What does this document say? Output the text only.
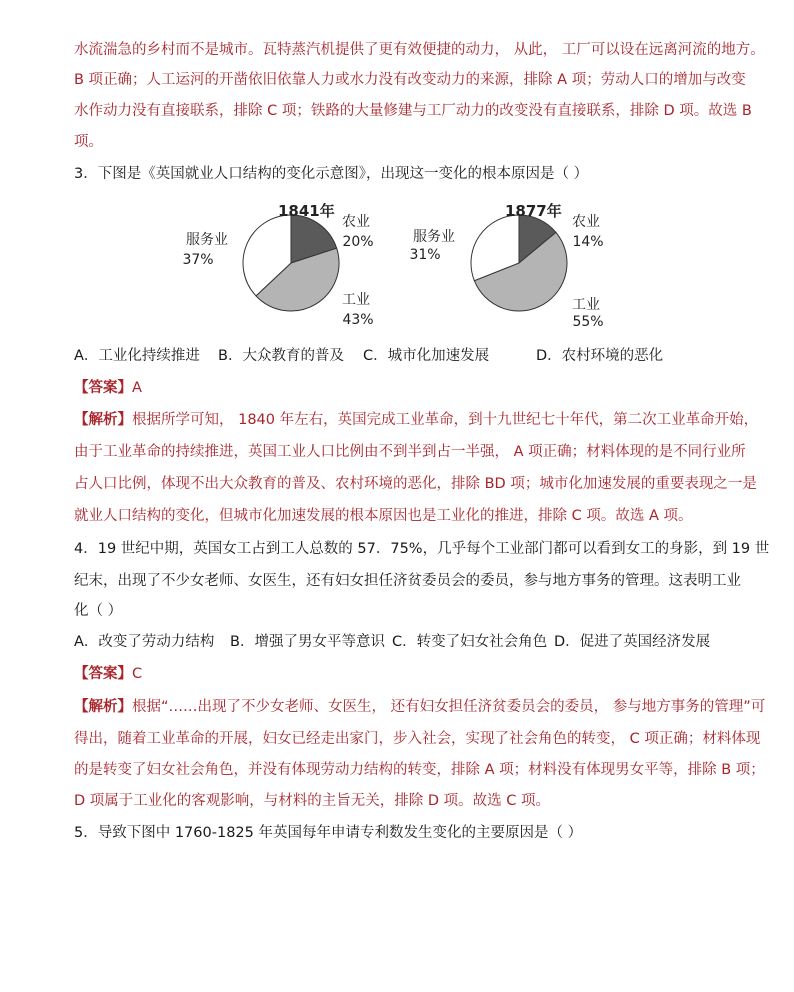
水流湍急的乡村而不是城市。瓦特蒸汽机提供了更有效便捷的动力， 从此， 工厂可以设在远离河流的地方。
B 项正确；人工运河的开凿依旧依靠人力或水力没有改变动力的来源，排除 A 项；劳动人口的增加与改变
水作动力没有直接联系，排除 C 项；铁路的大量修建与工厂动力的改变没有直接联系，排除 D 项。故选 B
项。
3．下图是《英国就业人口结构的变化示意图》，出现这一变化的根本原因是（ ）
1841年
农业
20%
工业
43%
服务业
37%
1877年
农业
14%
工业
55%
服务业
31%
A．工业化持续推进 B．大众教育的普及 C．城市化加速发展	D．农村环境的恶化
【答案】A
【解析】根据所学可知， 1840 年左右，英国完成工业革命，到十九世纪七十年代，第二次工业革命开始，
由于工业革命的持续推进，英国工业人口比例由不到半到占一半强， A 项正确；材料体现的是不同行业所
占人口比例，体现不出大众教育的普及、农村环境的恶化，排除 BD 项；城市化加速发展的重要表现之一是
就业人口结构的变化，但城市化加速发展的根本原因也是工业化的推进，排除 C 项。故选 A 项。
4．19 世纪中期，英国女工占到工人总数的 57．75%，几乎每个工业部门都可以看到女工的身影，到 19 世
纪末，出现了不少女老师、女医生，还有妇女担任济贫委员会的委员，参与地方事务的管理。这表明工业
化（ ）
A．改变了劳动力结构 B．增强了男女平等意识 C．转变了妇女社会角色 D．促进了英国经济发展
【答案】C
【解析】根据“……出现了不少女老师、女医生， 还有妇女担任济贫委员会的委员， 参与地方事务的管理”可
得出，随着工业革命的开展，妇女已经走出家门，步入社会，实现了社会角色的转变， C 项正确；材料体现
的是转变了妇女社会角色，并没有体现劳动力结构的转变，排除 A 项；材料没有体现男女平等，排除 B 项；
D 项属于工业化的客观影响，与材料的主旨无关，排除 D 项。故选 C 项。
5．导致下图中 1760-1825 年英国每年申请专利数发生变化的主要原因是（ ）
